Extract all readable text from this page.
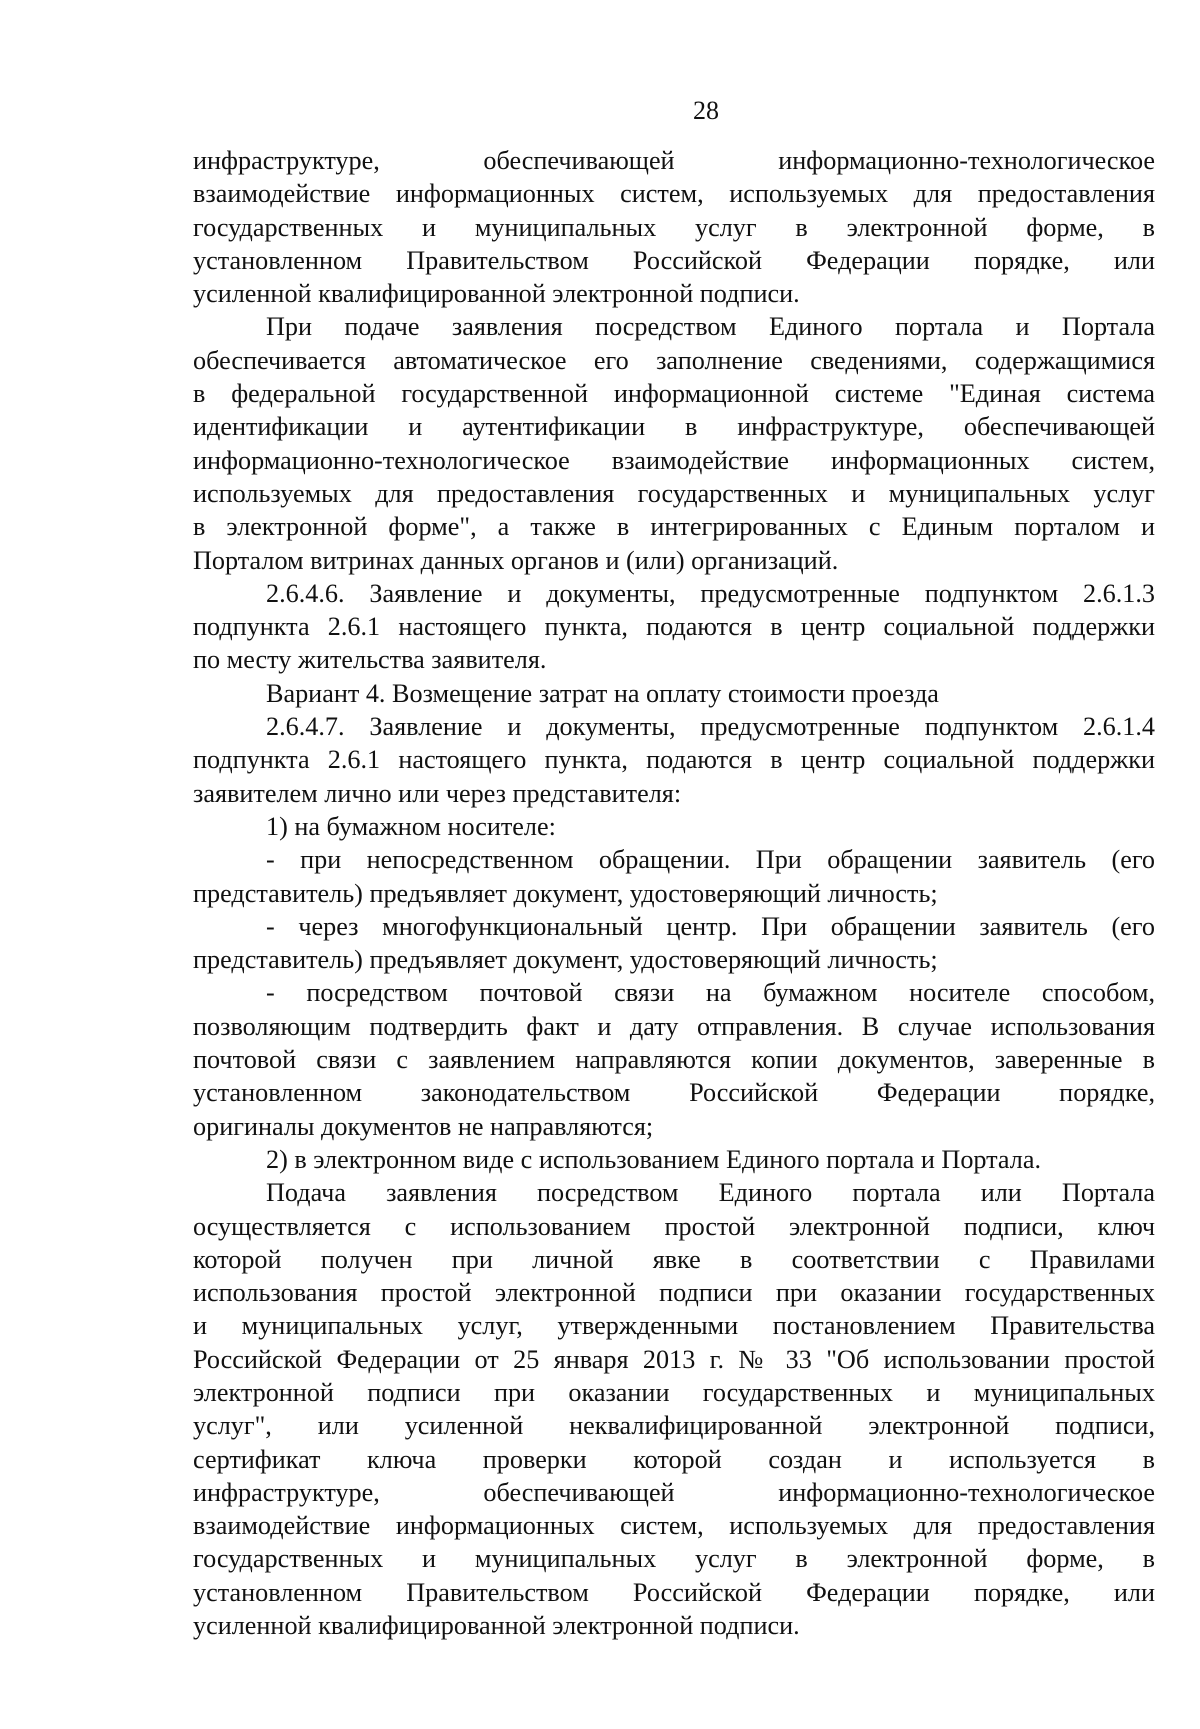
28
инфраструктуре, обеспечивающей информационно-технологическое
взаимодействие информационных систем, используемых для предоставления
государственных и муниципальных услуг в электронной форме, в
установленном Правительством Российской Федерации порядке, или
усиленной квалифицированной электронной подписи.
При подаче заявления посредством Единого портала и Портала
обеспечивается автоматическое его заполнение сведениями, содержащимися
в федеральной государственной информационной системе "Единая система
идентификации и аутентификации в инфраструктуре, обеспечивающей
информационно-технологическое взаимодействие информационных систем,
используемых для предоставления государственных и муниципальных услуг
в электронной форме", а также в интегрированных с Единым порталом и
Порталом витринах данных органов и (или) организаций.
2.6.4.6. Заявление и документы, предусмотренные подпунктом 2.6.1.3
подпункта 2.6.1 настоящего пункта, подаются в центр социальной поддержки
по месту жительства заявителя.
Вариант 4. Возмещение затрат на оплату стоимости проезда
2.6.4.7. Заявление и документы, предусмотренные подпунктом 2.6.1.4
подпункта 2.6.1 настоящего пункта, подаются в центр социальной поддержки
заявителем лично или через представителя:
1) на бумажном носителе:
- при непосредственном обращении. При обращении заявитель (его
представитель) предъявляет документ, удостоверяющий личность;
- через многофункциональный центр. При обращении заявитель (его
представитель) предъявляет документ, удостоверяющий личность;
- посредством почтовой связи на бумажном носителе способом,
позволяющим подтвердить факт и дату отправления. В случае использования
почтовой связи с заявлением направляются копии документов, заверенные в
установленном законодательством Российской Федерации порядке,
оригиналы документов не направляются;
2) в электронном виде с использованием Единого портала и Портала.
Подача заявления посредством Единого портала или Портала
осуществляется с использованием простой электронной подписи, ключ
которой получен при личной явке в соответствии с Правилами
использования простой электронной подписи при оказании государственных
и муниципальных услуг, утвержденными постановлением Правительства
Российской Федерации от 25 января 2013 г. № 33 "Об использовании простой
электронной подписи при оказании государственных и муниципальных
услуг", или усиленной неквалифицированной электронной подписи,
сертификат ключа проверки которой создан и используется в
инфраструктуре, обеспечивающей информационно-технологическое
взаимодействие информационных систем, используемых для предоставления
государственных и муниципальных услуг в электронной форме, в
установленном Правительством Российской Федерации порядке, или
усиленной квалифицированной электронной подписи.
